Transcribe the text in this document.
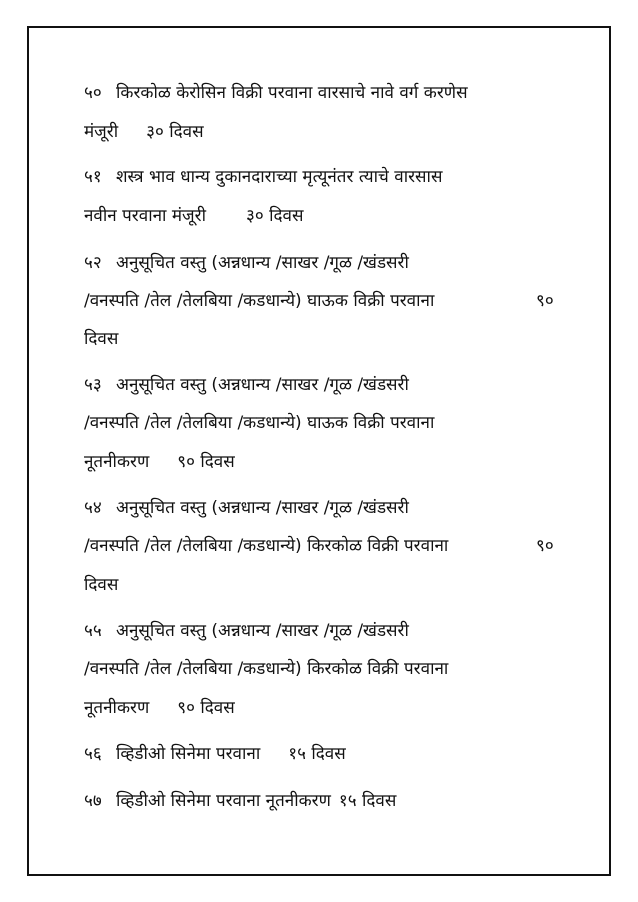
५० किरकोळ केरोसिन विक्री परवाना वारसाचे नावे वर्ग करणेस
मंजूरी ३० दिवस
५१ शस्त्र भाव धान्य दुकानदाराच्या मृत्यूनंतर त्याचे वारसास
नवीन परवाना मंजूरी ३० दिवस
५२ अनुसूचित वस्तु (अन्नधान्य /साखर /गूळ /खंडसरी
/वनस्पति /तेल /तेलबिया /कडधान्ये) घाऊक विक्री परवाना	९०
दिवस
५३ अनुसूचित वस्तु (अन्नधान्य /साखर /गूळ /खंडसरी
/वनस्पति /तेल /तेलबिया /कडधान्ये) घाऊक विक्री परवाना
नूतनीकरण ९० दिवस
५४ अनुसूचित वस्तु (अन्नधान्य /साखर /गूळ /खंडसरी
/वनस्पति /तेल /तेलबिया /कडधान्ये) किरकोळ विक्री परवाना	९०
दिवस
५५ अनुसूचित वस्तु (अन्नधान्य /साखर /गूळ /खंडसरी
/वनस्पति /तेल /तेलबिया /कडधान्ये) किरकोळ विक्री परवाना
नूतनीकरण ९० दिवस
५६ व्हिडीओ सिनेमा परवाना १५ दिवस
५७ व्हिडीओ सिनेमा परवाना नूतनीकरण १५ दिवस
